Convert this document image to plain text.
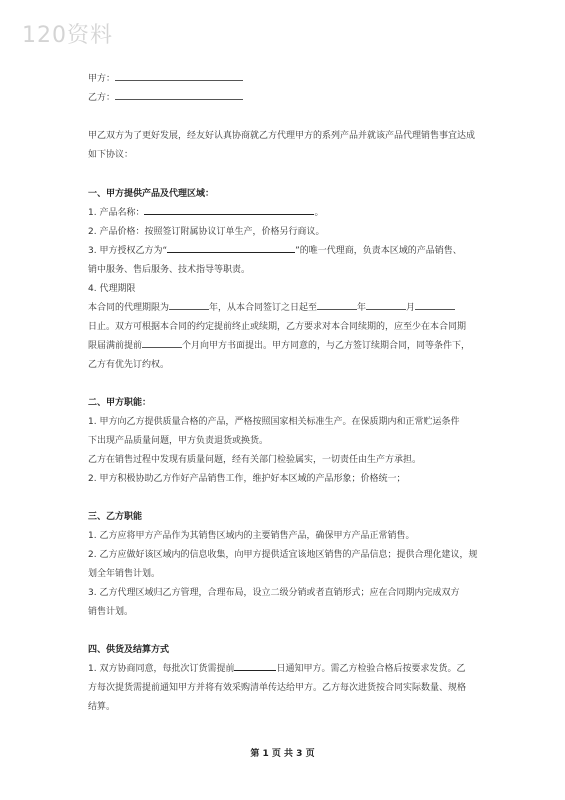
120资料
甲方：
乙方：
甲乙双方为了更好发展，经友好认真协商就乙方代理甲方的系列产品并就该产品代理销售事宜达成
如下协议：
一、甲方提供产品及代理区域：
1. 产品名称：	。
2. 产品价格：按照签订附属协议订单生产，价格另行商议。
3. 甲方授权乙方为“	”的唯一代理商，负责本区域的产品销售、
销中服务、售后服务、技术指导等职责。
4. 代理期限
本合同的代理期限为	年，从本合同签订之日起至	年	月
日止。双方可根据本合同的约定提前终止或续期，乙方要求对本合同续期的，应至少在本合同期
限届满前提前	个月向甲方书面提出。甲方同意的，与乙方签订续期合同，同等条件下，
乙方有优先订约权。
二、甲方职能：
1. 甲方向乙方提供质量合格的产品，严格按照国家相关标准生产。在保质期内和正常贮运条件
下出现产品质量问题，甲方负责退货或换货。
乙方在销售过程中发现有质量问题，经有关部门检验属实，一切责任由生产方承担。
2. 甲方积极协助乙方作好产品销售工作，维护好本区域的产品形象；价格统一；
三、乙方职能
1. 乙方应将甲方产品作为其销售区域内的主要销售产品，确保甲方产品正常销售。
2. 乙方应做好该区域内的信息收集，向甲方提供适宜该地区销售的产品信息；提供合理化建议，规
划全年销售计划。
3. 乙方代理区域归乙方管理，合理布局，设立二级分销或者直销形式；应在合同期内完成双方
销售计划。
四、供货及结算方式
1. 双方协商同意，每批次订货需提前	日通知甲方。需乙方检验合格后按要求发货。乙
方每次提货需提前通知甲方并将有效采购清单传达给甲方。乙方每次进货按合同实际数量、规格
结算。
第 1 页 共 3 页
